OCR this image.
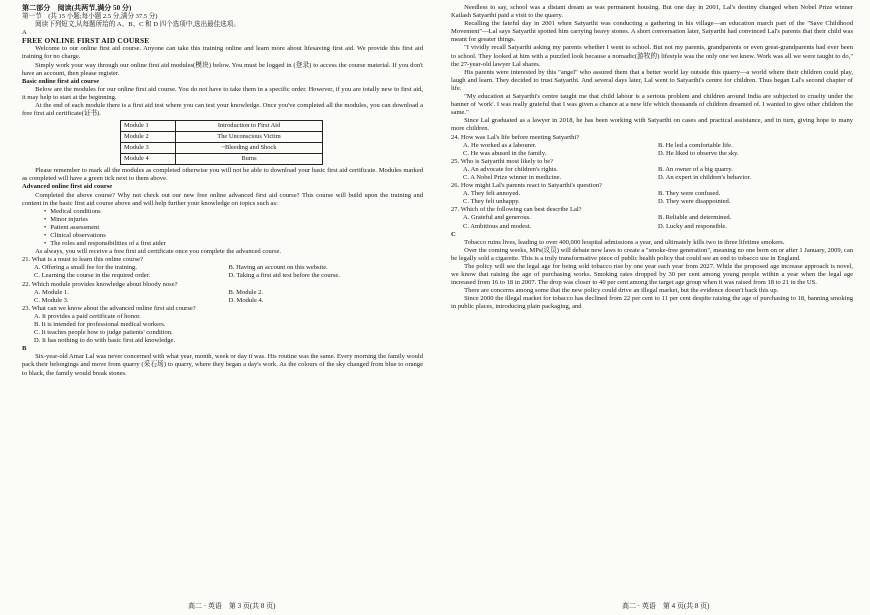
第二部分　阅读(共两节,满分 50 分)

第一节　(共 15 小题;每小题 2.5 分,满分 37.5 分)

阅读下列短文,从每题所给的 A、B、C 和 D 四个选项中,选出最佳选项。

A

FREE ONLINE FIRST AID COURSE

Welcome to our online first aid course. Anyone can take this training online and learn more about lifesaving first aid. We provide this first aid training for no charge.

Simply work your way through our online first aid modules(模块) below. You must be logged in (登录) to access the course material. If you don't have an account, then please register.

Basic online first aid course

Below are the modules for our online first aid course. You do not have to take them in a specific order. However, if you are totally new to first aid, it may help to start at the beginning.

At the end of each module there is a first aid test where you can test your knowledge. Once you've completed all the modules, you can download a free first aid certificate(证书).

Module 1	Introduction to First Aid
Module 2	The Unconscious Victim
Module 3	~Bleeding and Shock
Module 4	Burns

Please remember to mark all the modules as completed otherwise you will not be able to download your basic first aid certificate. Modules marked as completed will have a green tick next to them above.

Advanced online first aid course

Completed the above course? Why not check out our new free online advanced first aid course? This course will build upon the training and content in the basic first aid course above and will help further your knowledge on topics such as:

• Medical conditions
• Minor injuries
• Patient assessment
• Clinical observations
• The roles and responsibilities of a first aider

As always, you will receive a free first aid certificate once you complete the advanced course.

21. What is a must to learn this online course?

A. Offering a small fee for the training.	B. Having an account on this website.
C. Learning the course in the required order.	D. Taking a first aid test before the course.

22. Which module provides knowledge about bloody nose?

A. Module 1.	B. Module 2.
C. Module 3.	D. Module 4.

23. What can we know about the advanced online first aid course?

A. It provides a paid certificate of honor.
B. It is intended for professional medical workers.
C. It teaches people how to judge patients' condition.
D. It has nothing to do with basic first aid knowledge.

B

Six-year-old Amar Lal was never concerned with what year, month, week or day it was. His routine was the same. Every morning the family would pack their belongings and move from quarry (采石场) to quarry, where they began a day's work. As the colours of the sky changed from blue to orange to black, the family would break stones.

Needless to say, school was a distant dream as was permanent housing. But one day in 2001, Lal's destiny changed when Nobel Prize winner Kailash Satyarthi paid a visit to the quarry.

Recalling the fateful day in 2001 when Satyarthi was conducting a gathering in his village—an education march part of the "Save Childhood Movement"—Lal says Satyarthi spotted him carrying heavy stones. A short conversation later, Satyarthi had convinced Lal's parents that their child was meant for greater things.

"I vividly recall Satyarthi asking my parents whether I went to school. But not my parents, grandparents or even great-grandparents had ever been to school. They looked at him with a puzzled look because a nomadic(游牧的) lifestyle was the only one we knew. Work was all we were taught to do," the 27-year-old lawyer Lal shares.

His parents were interested by this "angel" who assured them that a better world lay outside this quarry—a world where their children could play, laugh and learn. They decided to trust Satyarthi. And several days later, Lal went to Satyarthi's centre for children. Thus began Lal's second chapter of life.

"My education at Satyarthi's centre taught me that child labour is a serious problem and children around India are subjected to cruelty under the banner of 'work'. I was really grateful that I was given a chance at a new life which thousands of children dreamed of. I wanted to give other children the same."

Since Lal graduated as a lawyer in 2018, he has been working with Satyarthi on cases and practical assistance, and in turn, giving hope to many more children.

24. How was Lal's life before meeting Satyarthi?

A. He worked as a labourer.	B. He led a comfortable life.
C. He was abused in the family.	D. He liked to observe the sky.

25. Who is Satyarthi most likely to be?

A. An advocate for children's rights.	B. An owner of a big quarry.
C. A Nobel Prize winner in medicine.	D. An expert in children's behavior.

26. How might Lal's parents react to Satyarthi's question?

A. They felt annoyed.	B. They were confused.
C. They felt unhappy.	D. They were disappointed.

27. Which of the following can best describe Lal?

A. Grateful and generous.	B. Reliable and determined.
C. Ambitious and modest.	D. Lucky and responsible.

C

Tobacco ruins lives, leading to over 400,000 hospital admissions a year, and ultimately kills two in three lifetime smokers.

Over the coming weeks, MPs(议员) will debate new laws to create a "smoke-free generation", meaning no one born on or after 1 January, 2009, can be legally sold a cigarette. This is a truly transformative piece of public health policy that could see an end to tobacco use in England.

The policy will see the legal age for being sold tobacco rise by one year each year from 2027. While the proposed age increase approach is novel, we know that raising the age of purchasing works. Smoking rates dropped by 30 per cent among young people within a year when the legal age increased from 16 to 18 in 2007. The drop was closer to 40 per cent among the target age group when it was raised from 18 to 21 in the US.

There are concerns among some that the new policy could drive an illegal market, but the evidence doesn't back this up.

Since 2000 the illegal market for tobacco has declined from 22 per cent to 11 per cent despite raising the age of purchasing to 18, banning smoking in public places, introducing plain packaging, and

高二 · 英语　第 3 页(共 8 页)	高二 · 英语　第 4 页(共 8 页)
